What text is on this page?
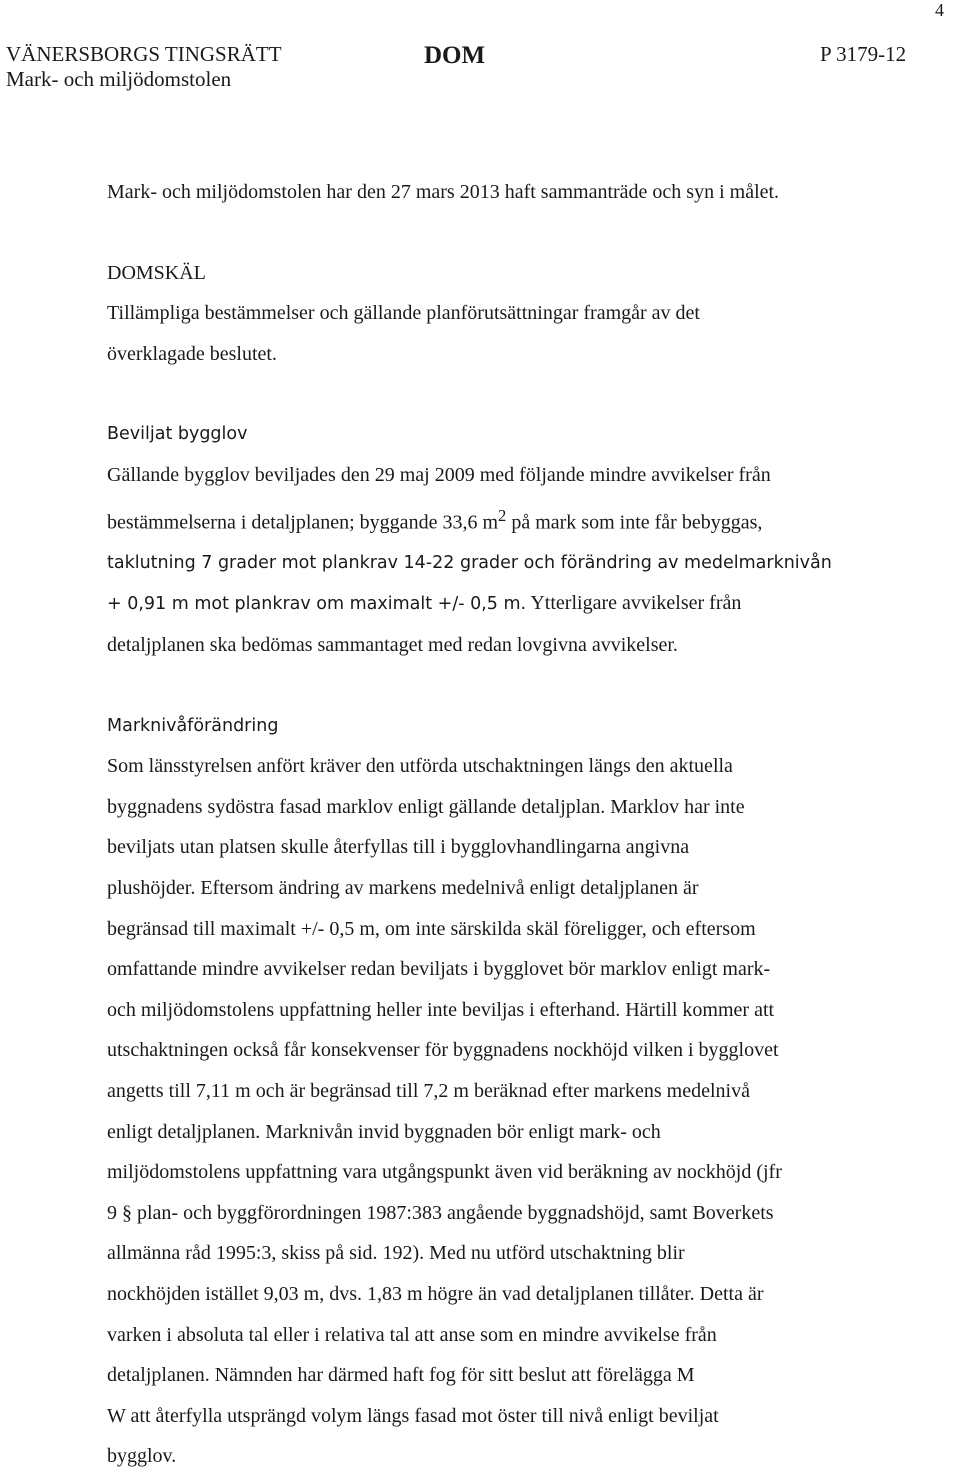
4
VÄNERSBORGS TINGSRÄTT
Mark- och miljödomstolen
DOM	P 3179-12

Mark- och miljödomstolen har den 27 mars 2013 haft sammanträde och syn i målet.

DOMSKÄL

Tillämpliga bestämmelser och gällande planförutsättningar framgår av det

överklagade beslutet.

Beviljat bygglov

Gällande bygglov beviljades den 29 maj 2009 med följande mindre avvikelser från

bestämmelserna i detaljplanen; byggande 33,6 $m^2$ på mark som inte får bebyggas,

taklutning 7 grader mot plankrav 14-22 grader och förändring av medelmarknivån

+ 0,91 m mot plankrav om maximalt +/- 0,5 m. Ytterligare avvikelser från

detaljplanen ska bedömas sammantaget med redan lovgivna avvikelser.

Marknivåförändring

Som länsstyrelsen anfört kräver den utförda utschaktningen längs den aktuella

byggnadens sydöstra fasad marklov enligt gällande detaljplan. Marklov har inte

beviljats utan platsen skulle återfyllas till i bygglovhandlingarna angivna

plushöjder. Eftersom ändring av markens medelnivå enligt detaljplanen är

begränsad till maximalt +/- 0,5 m, om inte särskilda skäl föreligger, och eftersom

omfattande mindre avvikelser redan beviljats i bygglovet bör marklov enligt mark-

och miljödomstolens uppfattning heller inte beviljas i efterhand. Härtill kommer att

utschaktningen också får konsekvenser för byggnadens nockhöjd vilken i bygglovet

angetts till 7,11 m och är begränsad till 7,2 m beräknad efter markens medelnivå

enligt detaljplanen. Marknivån invid byggnaden bör enligt mark- och

miljödomstolens uppfattning vara utgångspunkt även vid beräkning av nockhöjd (jfr

9 § plan- och byggförordningen 1987:383 angående byggnadshöjd, samt Boverkets

allmänna råd 1995:3, skiss på sid. 192). Med nu utförd utschaktning blir

nockhöjden istället 9,03 m, dvs. 1,83 m högre än vad detaljplanen tillåter. Detta är

varken i absoluta tal eller i relativa tal att anse som en mindre avvikelse från

detaljplanen. Nämnden har därmed haft fog för sitt beslut att förelägga M

W att återfylla utsprängd volym längs fasad mot öster till nivå enligt beviljat

bygglov.
